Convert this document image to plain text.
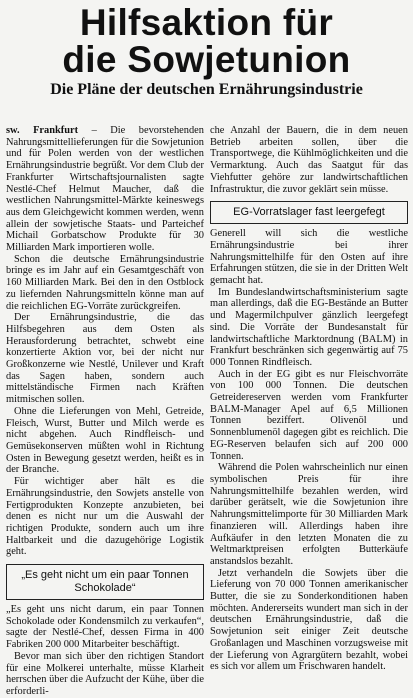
Hilfsaktion für
die Sowjetunion
Die Pläne der deutschen Ernährungsindustrie

sw. Frankfurt – Die bevorstehenden Nahrungsmittellieferungen für die Sowjetunion und für Polen werden von der westlichen Ernährungsindustrie begrüßt. Vor dem Club der Frankfurter Wirtschaftsjournalisten sagte Nestlé-Chef Helmut Maucher, daß die westlichen Nahrungsmittel-Märkte keineswegs aus dem Gleichgewicht kommen werden, wenn allein der sowjetische Staats- und Parteichef Michail Gorbatschow Produkte für 30 Milliarden Mark importieren wolle.

Schon die deutsche Ernährungsindustrie bringe es im Jahr auf ein Gesamtgeschäft von 160 Milliarden Mark. Bei den in den Ostblock zu liefernden Nahrungsmitteln könne man auf die reichlichen EG-Vorräte zurückgreifen.

Der Ernährungsindustrie, die das Hilfsbegehren aus dem Osten als Herausforderung betrachtet, schwebt eine konzertierte Aktion vor, bei der nicht nur Großkonzerne wie Nestlé, Unilever und Kraft das Sagen haben, sondern auch mittelständische Firmen nach Kräften mitmischen sollen.

Ohne die Lieferungen von Mehl, Getreide, Fleisch, Wurst, Butter und Milch werde es nicht abgehen. Auch Rindfleisch- und Gemüsekonserven müßten wohl in Richtung Osten in Bewegung gesetzt werden, heißt es in der Branche.

Für wichtiger aber hält es die Ernährungsindustrie, den Sowjets anstelle von Fertigprodukten Konzepte anzubieten, bei denen es nicht nur um die Auswahl der richtigen Produkte, sondern auch um ihre Haltbarkeit und die dazugehörige Logistik geht.

„Es geht nicht um ein paar Tonnen Schokolade“

„Es geht uns nicht darum, ein paar Tonnen Schokolade oder Kondensmilch zu verkaufen“, sagte der Nestlé-Chef, dessen Firma in 400 Fabriken 200 000 Mitarbeiter beschäftigt.

Bevor man sich über den richtigen Standort für eine Molkerei unterhalte, müsse Klarheit herrschen über die Aufzucht der Kühe, über die erforderli-

che Anzahl der Bauern, die in dem neuen Betrieb arbeiten sollen, über die Transportwege, die Kühlmöglichkeiten und die Vermarktung. Auch das Saatgut für das Viehfutter gehöre zur landwirtschaftlichen Infrastruktur, die zuvor geklärt sein müsse.

EG-Vorratslager fast leergefegt

Generell will sich die westliche Ernährungsindustrie bei ihrer Nahrungsmittelhilfe für den Osten auf ihre Erfahrungen stützen, die sie in der Dritten Welt gemacht hat.

Im Bundeslandwirtschaftsministerium sagte man allerdings, daß die EG-Bestände an Butter und Magermilchpulver gänzlich leergefegt sind. Die Vorräte der Bundesanstalt für landwirtschaftliche Marktordnung (BALM) in Frankfurt beschränken sich gegenwärtig auf 75 000 Tonnen Rindfleisch.

Auch in der EG gibt es nur Fleischvorräte von 100 000 Tonnen. Die deutschen Getreidereserven werden vom Frankfurter BALM-Manager Apel auf 6,5 Millionen Tonnen beziffert. Olivenöl und Sonnenblumenöl dagegen gibt es reichlich. Die EG-Reserven belaufen sich auf 200 000 Tonnen.

Während die Polen wahrscheinlich nur einen symbolischen Preis für ihre Nahrungsmittelhilfe bezahlen werden, wird darüber gerätselt, wie die Sowjetunion ihre Nahrungsmittelimporte für 30 Milliarden Mark finanzieren will. Allerdings haben ihre Aufkäufer in den letzten Monaten die zu Weltmarktpreisen erfolgten Butterkäufe anstandslos bezahlt.

Jetzt verhandeln die Sowjets über die Lieferung von 70 000 Tonnen amerikanischer Butter, die sie zu Sonderkonditionen haben möchten. Andererseits wundert man sich in der deutschen Ernährungsindustrie, daß die Sowjetunion seit einiger Zeit deutsche Großanlagen und Maschinen vorzugsweise mit der Lieferung von Agrargütern bezahlt, wobei es sich vor allem um Frischwaren handelt.
